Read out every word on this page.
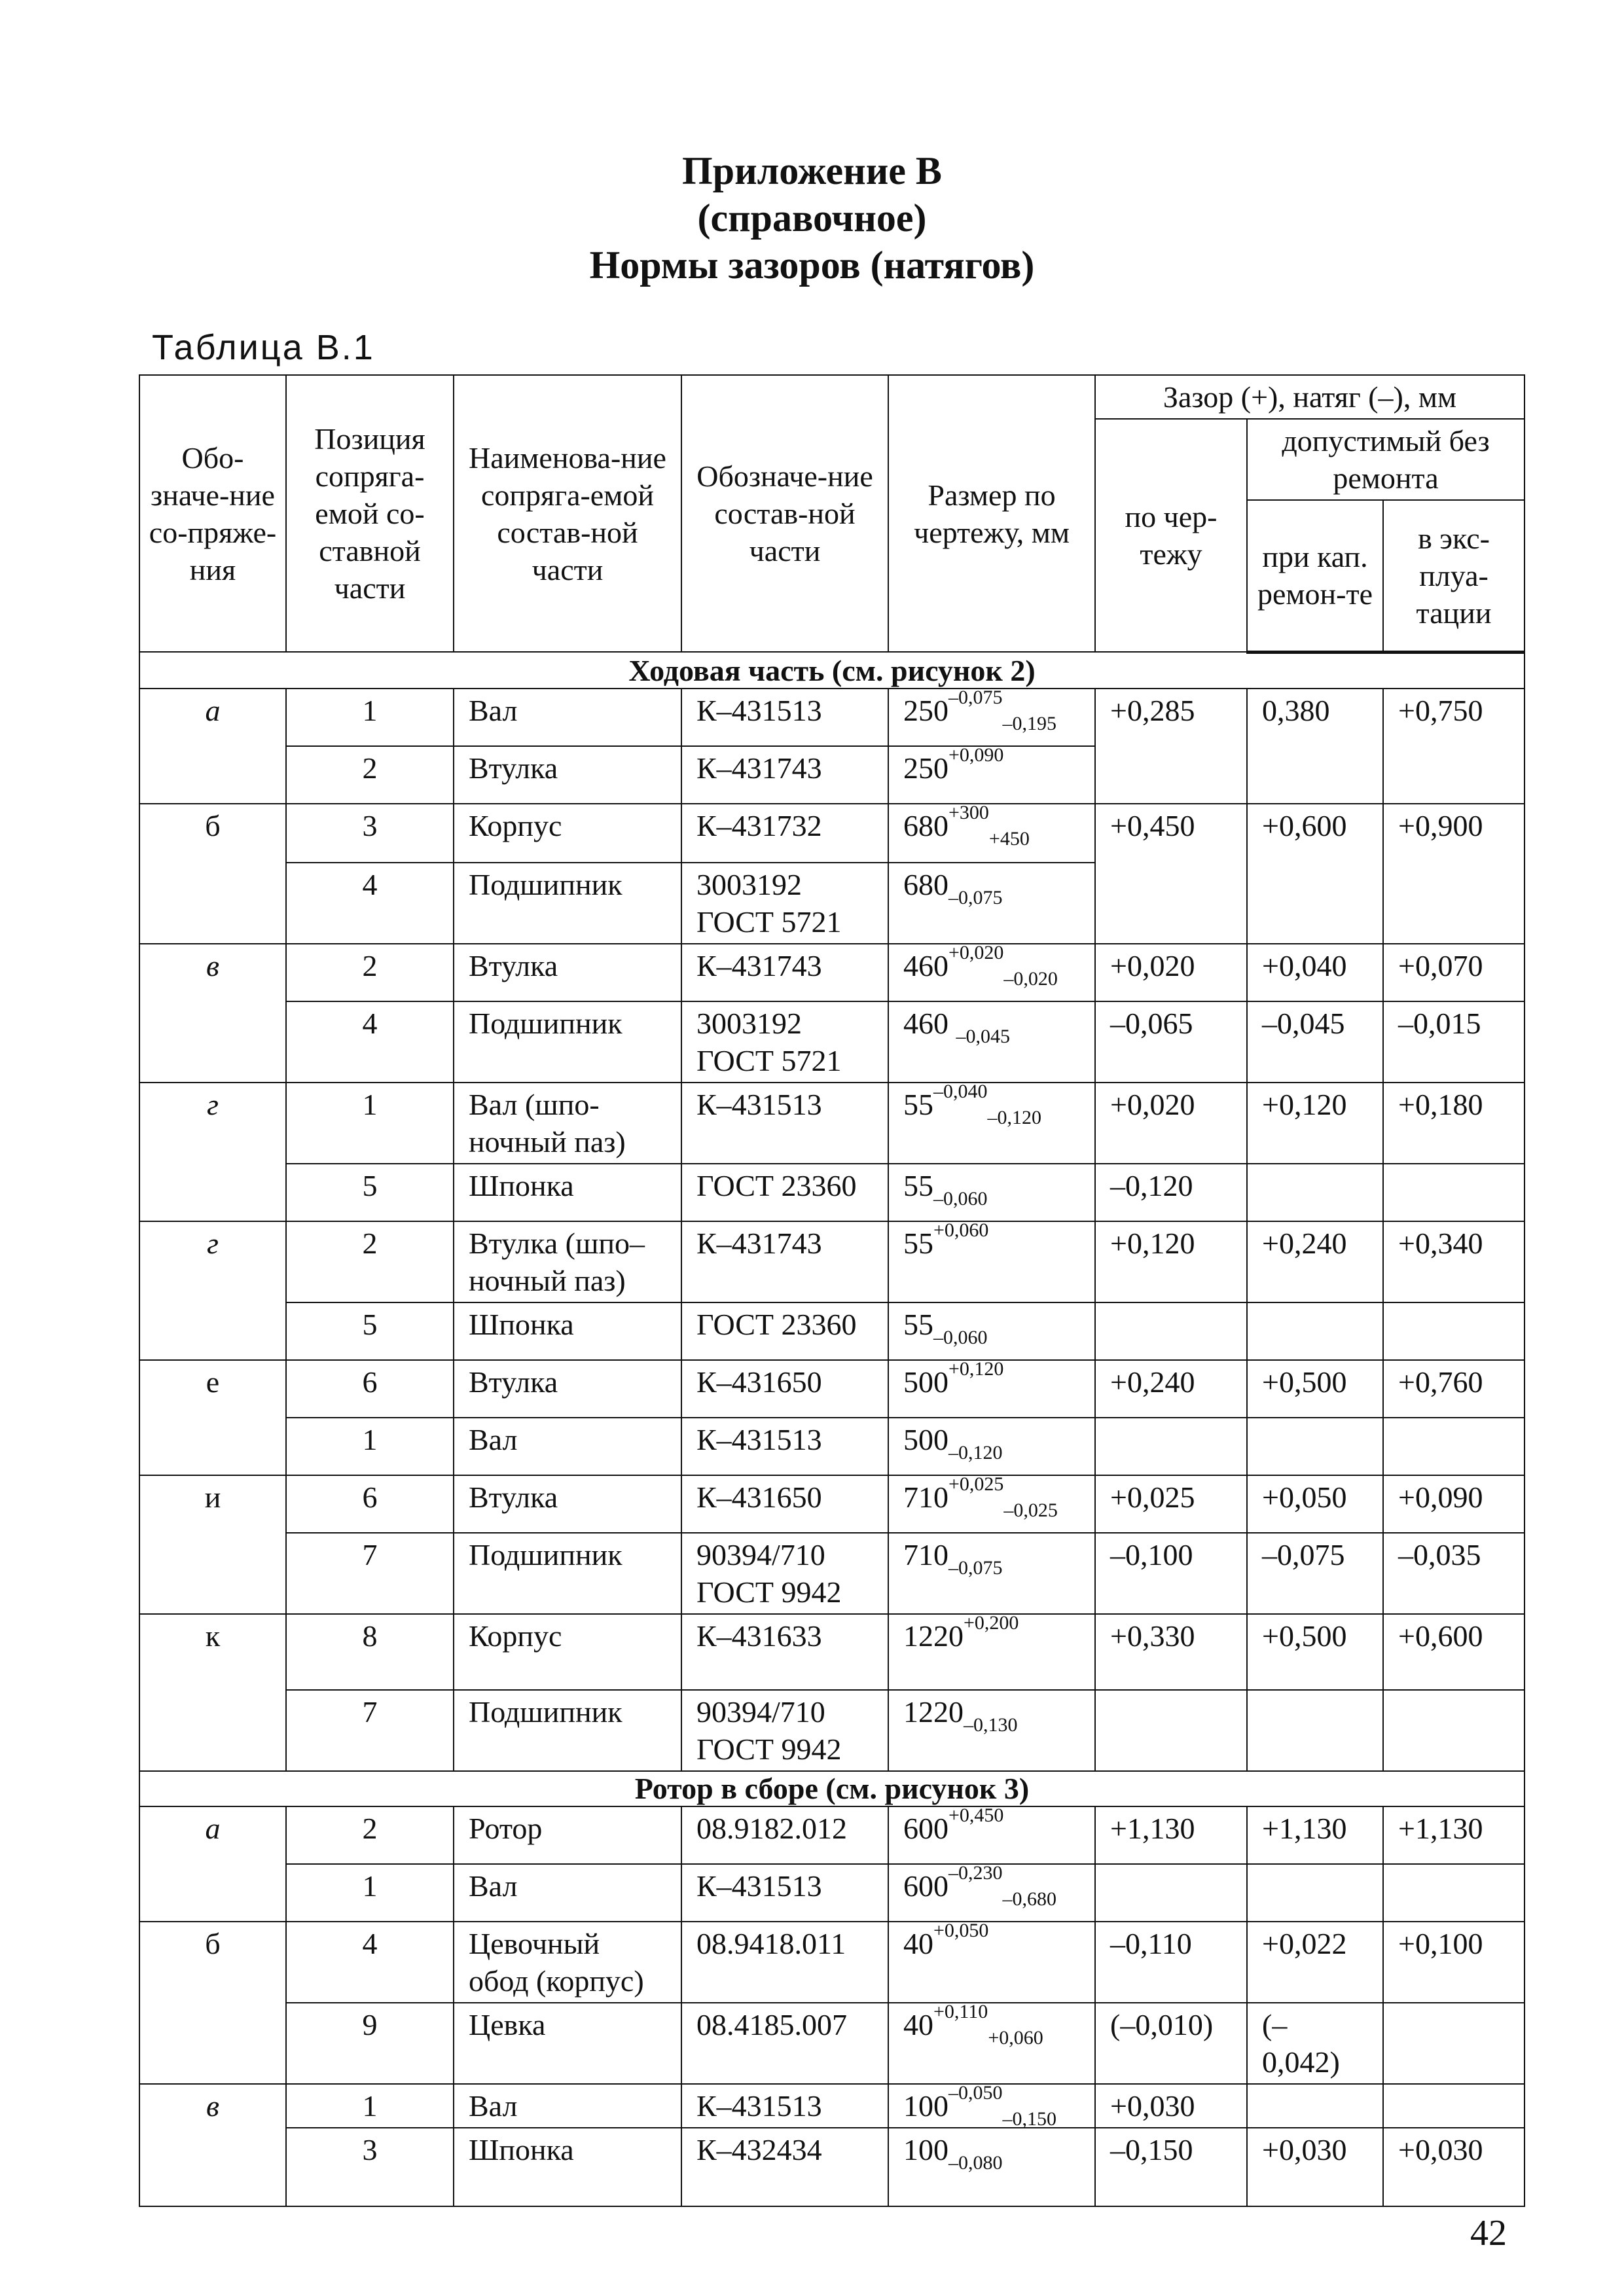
Приложение В
(справочное)
Нормы зазоров (натягов)
Таблица В.1
Обо-значе-ние со-пряже-ния	Позиция сопряга-емой со-ставной части	Наименова-ние сопряга-емой состав-ной части	Обозначе-ние состав-ной части	Размер по чертежу, мм	Зазор (+), натяг (–), мм		
					по чер-тежу	допустимый без ремонта	
						при кап. ремон-те	в экс-плуа-тации
Ходовая часть (см. рисунок 2)							
а	1	Вал	К–431513	$250^{-0,075}_{-0,195}$	+0,285	0,380	+0,750
	2	Втулка	К–431743	$250^{+0,090}$
б	3	Корпус	К–431732	$680^{+300}_{+450}$	+0,450	+0,600	+0,900
	4	Подшипник	3003192 ГОСТ 5721	$680_{-0,075}$
в	2	Втулка	К–431743	$460^{+0,020}_{-0,020}$	+0,020	+0,040	+0,070
	4	Подшипник	3003192 ГОСТ 5721	460 $_{-0,045}$	–0,065	–0,045	–0,015
г	1	Вал (шпо-ночный паз)	К–431513	$55^{-0,040}_{-0,120}$	+0,020	+0,120	+0,180
	5	Шпонка	ГОСТ 23360	$55_{-0,060}$	–0,120		
г	2	Втулка (шпо– ночный паз)	К–431743	$55^{+0,060}$	+0,120	+0,240	+0,340
	5	Шпонка	ГОСТ 23360	$55_{-0,060}$			
е	6	Втулка	К–431650	$500^{+0,120}$	+0,240	+0,500	+0,760
	1	Вал	К–431513	$500_{-0,120}$			
и	6	Втулка	К–431650	$710^{+0,025}_{-0,025}$	+0,025	+0,050	+0,090
	7	Подшипник	90394/710 ГОСТ 9942	$710_{-0,075}$	–0,100	–0,075	–0,035
к	8	Корпус	К–431633	$1220^{+0,200}$	+0,330	+0,500	+0,600
	7	Подшипник	90394/710 ГОСТ 9942	$1220_{-0,130}$			
Ротор в сборе (см. рисунок 3)							
а	2	Ротор	08.9182.012	$600^{+0,450}$	+1,130	+1,130	+1,130
	1	Вал	К–431513	$600^{-0,230}_{-0,680}$			
б	4	Цевочный обод (корпус)	08.9418.011	$40^{+0,050}$	–0,110	+0,022	+0,100
	9	Цевка	08.4185.007	$40^{+0,110}_{+0,060}$	(–0,010)	(– 0,042)	
в	1	Вал	К–431513	$100^{-0,050}_{-0,150}$	+0,030		
	3	Шпонка	К–432434	$100_{-0,080}$	–0,150	+0,030	+0,030
42
